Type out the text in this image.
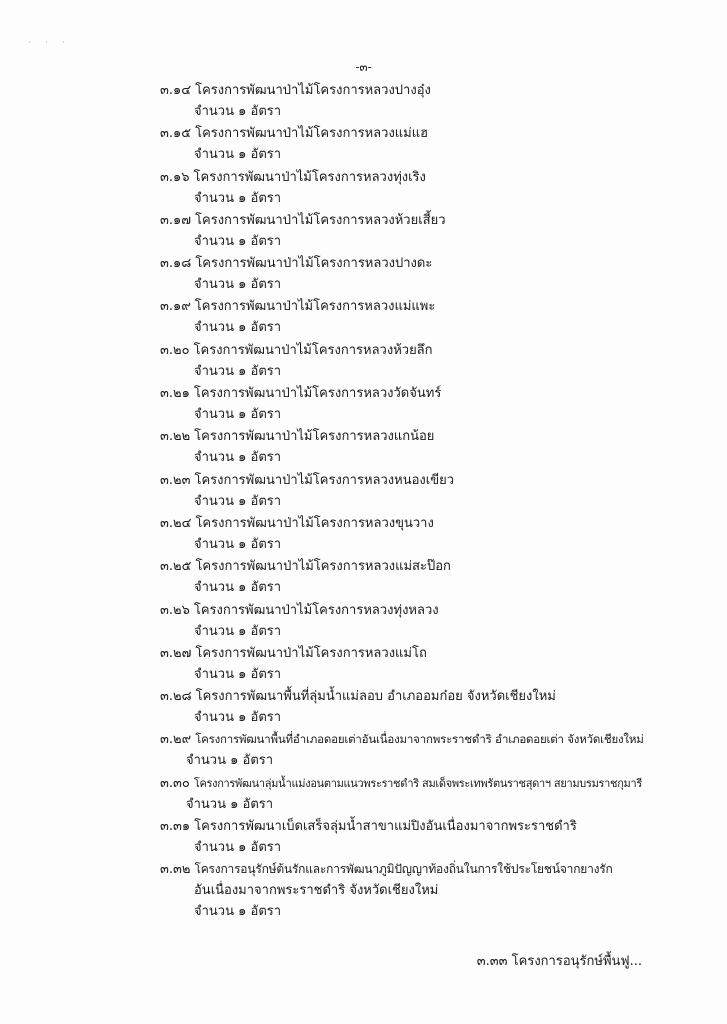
· · ·
-๓-
๓.๑๔ โครงการพัฒนาป่าไม้โครงการหลวงปางอุ๋ง
จำนวน ๑ อัตรา
๓.๑๕ โครงการพัฒนาป่าไม้โครงการหลวงแม่แฮ
จำนวน ๑ อัตรา
๓.๑๖ โครงการพัฒนาป่าไม้โครงการหลวงทุ่งเริง
จำนวน ๑ อัตรา
๓.๑๗ โครงการพัฒนาป่าไม้โครงการหลวงห้วยเสี้ยว
จำนวน ๑ อัตรา
๓.๑๘ โครงการพัฒนาป่าไม้โครงการหลวงปางดะ
จำนวน ๑ อัตรา
๓.๑๙ โครงการพัฒนาป่าไม้โครงการหลวงแม่แพะ
จำนวน ๑ อัตรา
๓.๒๐ โครงการพัฒนาป่าไม้โครงการหลวงห้วยลึก
จำนวน ๑ อัตรา
๓.๒๑ โครงการพัฒนาป่าไม้โครงการหลวงวัดจันทร์
จำนวน ๑ อัตรา
๓.๒๒ โครงการพัฒนาป่าไม้โครงการหลวงแกน้อย
จำนวน ๑ อัตรา
๓.๒๓ โครงการพัฒนาป่าไม้โครงการหลวงหนองเขียว
จำนวน ๑ อัตรา
๓.๒๔ โครงการพัฒนาป่าไม้โครงการหลวงขุนวาง
จำนวน ๑ อัตรา
๓.๒๕ โครงการพัฒนาป่าไม้โครงการหลวงแม่สะป๊อก
จำนวน ๑ อัตรา
๓.๒๖ โครงการพัฒนาป่าไม้โครงการหลวงทุ่งหลวง
จำนวน ๑ อัตรา
๓.๒๗ โครงการพัฒนาป่าไม้โครงการหลวงแม่โถ
จำนวน ๑ อัตรา
๓.๒๘ โครงการพัฒนาพื้นที่ลุ่มน้ำแม่ลอบ อำเภออมก๋อย จังหวัดเชียงใหม่
จำนวน ๑ อัตรา
๓.๒๙ โครงการพัฒนาพื้นที่อำเภอดอยเต่าอันเนื่องมาจากพระราชดำริ อำเภอดอยเต่า จังหวัดเชียงใหม่
จำนวน ๑ อัตรา
๓.๓๐ โครงการพัฒนาลุ่มน้ำแม่งอนตามแนวพระราชดำริ สมเด็จพระเทพรัตนราชสุดาฯ สยามบรมราชกุมารี
จำนวน ๑ อัตรา
๓.๓๑ โครงการพัฒนาเบ็ดเสร็จลุ่มน้ำสาขาแม่ปิงอันเนื่องมาจากพระราชดำริ
จำนวน ๑ อัตรา
๓.๓๒ โครงการอนุรักษ์ต้นรักและการพัฒนาภูมิปัญญาท้องถิ่นในการใช้ประโยชน์จากยางรัก
อันเนื่องมาจากพระราชดำริ จังหวัดเชียงใหม่
จำนวน ๑ อัตรา
๓.๓๓ โครงการอนุรักษ์พื้นฟู...
